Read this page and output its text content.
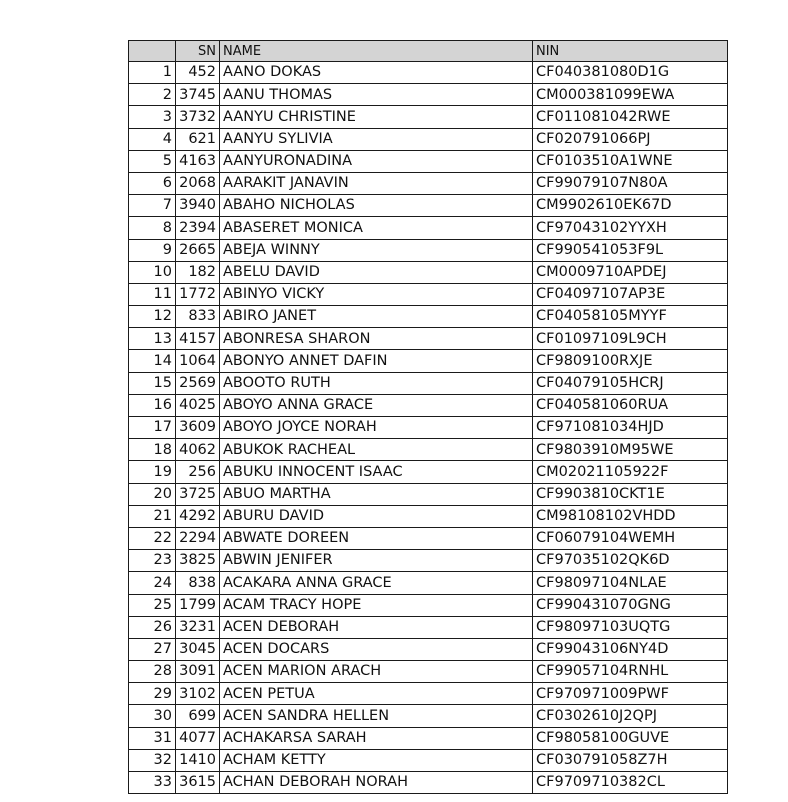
	SN	NAME	NIN
1	452	AANO DOKAS	CF040381080D1G
2	3745	AANU THOMAS	CM000381099EWA
3	3732	AANYU CHRISTINE	CF011081042RWE
4	621	AANYU SYLIVIA	CF020791066PJ
5	4163	AANYURONADINA	CF0103510A1WNE
6	2068	AARAKIT JANAVIN	CF99079107N80A
7	3940	ABAHO NICHOLAS	CM9902610EK67D
8	2394	ABASERET MONICA	CF97043102YYXH
9	2665	ABEJA WINNY	CF990541053F9L
10	182	ABELU DAVID	CM0009710APDEJ
11	1772	ABINYO VICKY	CF04097107AP3E
12	833	ABIRO JANET	CF04058105MYYF
13	4157	ABONRESA SHARON	CF01097109L9CH
14	1064	ABONYO ANNET DAFIN	CF9809100RXJE
15	2569	ABOOTO RUTH	CF04079105HCRJ
16	4025	ABOYO ANNA GRACE	CF040581060RUA
17	3609	ABOYO JOYCE NORAH	CF971081034HJD
18	4062	ABUKOK RACHEAL	CF9803910M95WE
19	256	ABUKU INNOCENT ISAAC	CM02021105922F
20	3725	ABUO MARTHA	CF9903810CKT1E
21	4292	ABURU DAVID	CM98108102VHDD
22	2294	ABWATE DOREEN	CF06079104WEMH
23	3825	ABWIN JENIFER	CF97035102QK6D
24	838	ACAKARA ANNA GRACE	CF98097104NLAE
25	1799	ACAM TRACY HOPE	CF990431070GNG
26	3231	ACEN DEBORAH	CF98097103UQTG
27	3045	ACEN DOCARS	CF99043106NY4D
28	3091	ACEN MARION ARACH	CF99057104RNHL
29	3102	ACEN PETUA	CF970971009PWF
30	699	ACEN SANDRA HELLEN	CF0302610J2QPJ
31	4077	ACHAKARSA SARAH	CF98058100GUVE
32	1410	ACHAM KETTY	CF030791058Z7H
33	3615	ACHAN DEBORAH NORAH	CF9709710382CL
